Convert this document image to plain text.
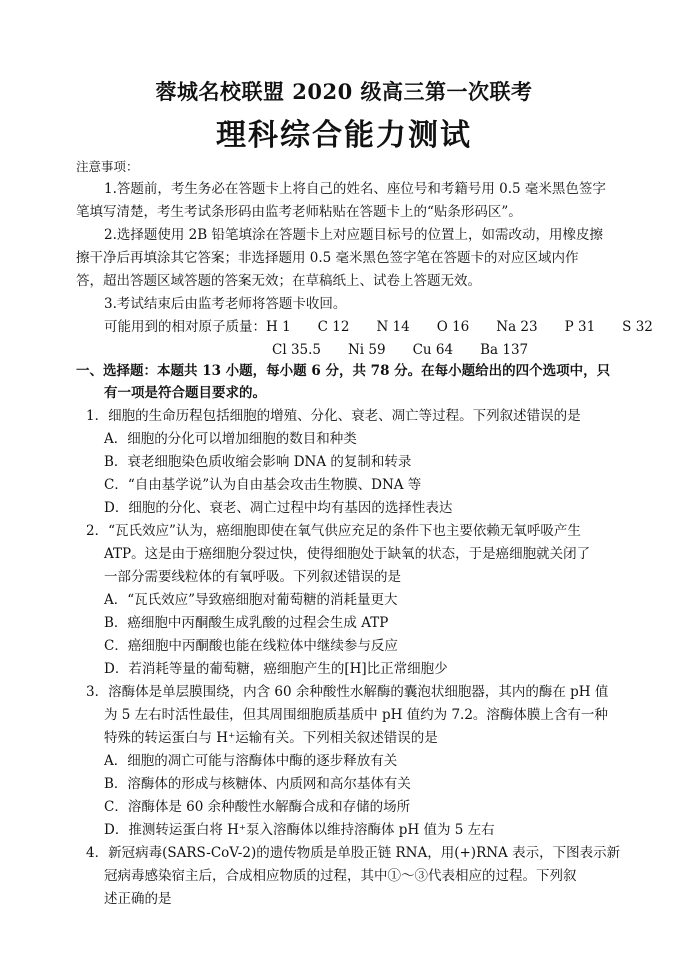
蓉城名校联盟 2020 级高三第一次联考
理科综合能力测试
注意事项：
1.答题前，考生务必在答题卡上将自己的姓名、座位号和考籍号用 0.5 毫米黑色签字
笔填写清楚，考生考试条形码由监考老师粘贴在答题卡上的“贴条形码区”。
2.选择题使用 2B 铅笔填涂在答题卡上对应题目标号的位置上，如需改动，用橡皮擦
擦干净后再填涂其它答案；非选择题用 0.5 毫米黑色签字笔在答题卡的对应区域内作
答，超出答题区域答题的答案无效；在草稿纸上、试卷上答题无效。
3.考试结束后由监考老师将答题卡收回。
可能用到的相对原子质量：H 1　　C 12　　N 14　　O 16　　Na 23　　P 31　　S 32
Cl 35.5　　Ni 59　　Cu 64　　Ba 137
一、选择题：本题共 13 小题，每小题 6 分，共 78 分。在每小题给出的四个选项中，只
有一项是符合题目要求的。
1．细胞的生命历程包括细胞的增殖、分化、衰老、凋亡等过程。下列叙述错误的是
A．细胞的分化可以增加细胞的数目和种类
B．衰老细胞染色质收缩会影响 DNA 的复制和转录
C．“自由基学说”认为自由基会攻击生物膜、DNA 等
D．细胞的分化、衰老、凋亡过程中均有基因的选择性表达
2．“瓦氏效应”认为，癌细胞即使在氧气供应充足的条件下也主要依赖无氧呼吸产生
ATP。这是由于癌细胞分裂过快，使得细胞处于缺氧的状态，于是癌细胞就关闭了
一部分需要线粒体的有氧呼吸。下列叙述错误的是
A．“瓦氏效应”导致癌细胞对葡萄糖的消耗量更大
B．癌细胞中丙酮酸生成乳酸的过程会生成 ATP
C．癌细胞中丙酮酸也能在线粒体中继续参与反应
D．若消耗等量的葡萄糖，癌细胞产生的[H]比正常细胞少
3．溶酶体是单层膜围绕，内含 60 余种酸性水解酶的囊泡状细胞器，其内的酶在 pH 值
为 5 左右时活性最佳，但其周围细胞质基质中 pH 值约为 7.2。溶酶体膜上含有一种
特殊的转运蛋白与 H⁺运输有关。下列相关叙述错误的是
A．细胞的凋亡可能与溶酶体中酶的逐步释放有关
B．溶酶体的形成与核糖体、内质网和高尔基体有关
C．溶酶体是 60 余种酸性水解酶合成和存储的场所
D．推测转运蛋白将 H⁺泵入溶酶体以维持溶酶体 pH 值为 5 左右
4．新冠病毒(SARS-CoV-2)的遗传物质是单股正链 RNA，用(+)RNA 表示，下图表示新
冠病毒感染宿主后，合成相应物质的过程，其中①～③代表相应的过程。下列叙
述正确的是
